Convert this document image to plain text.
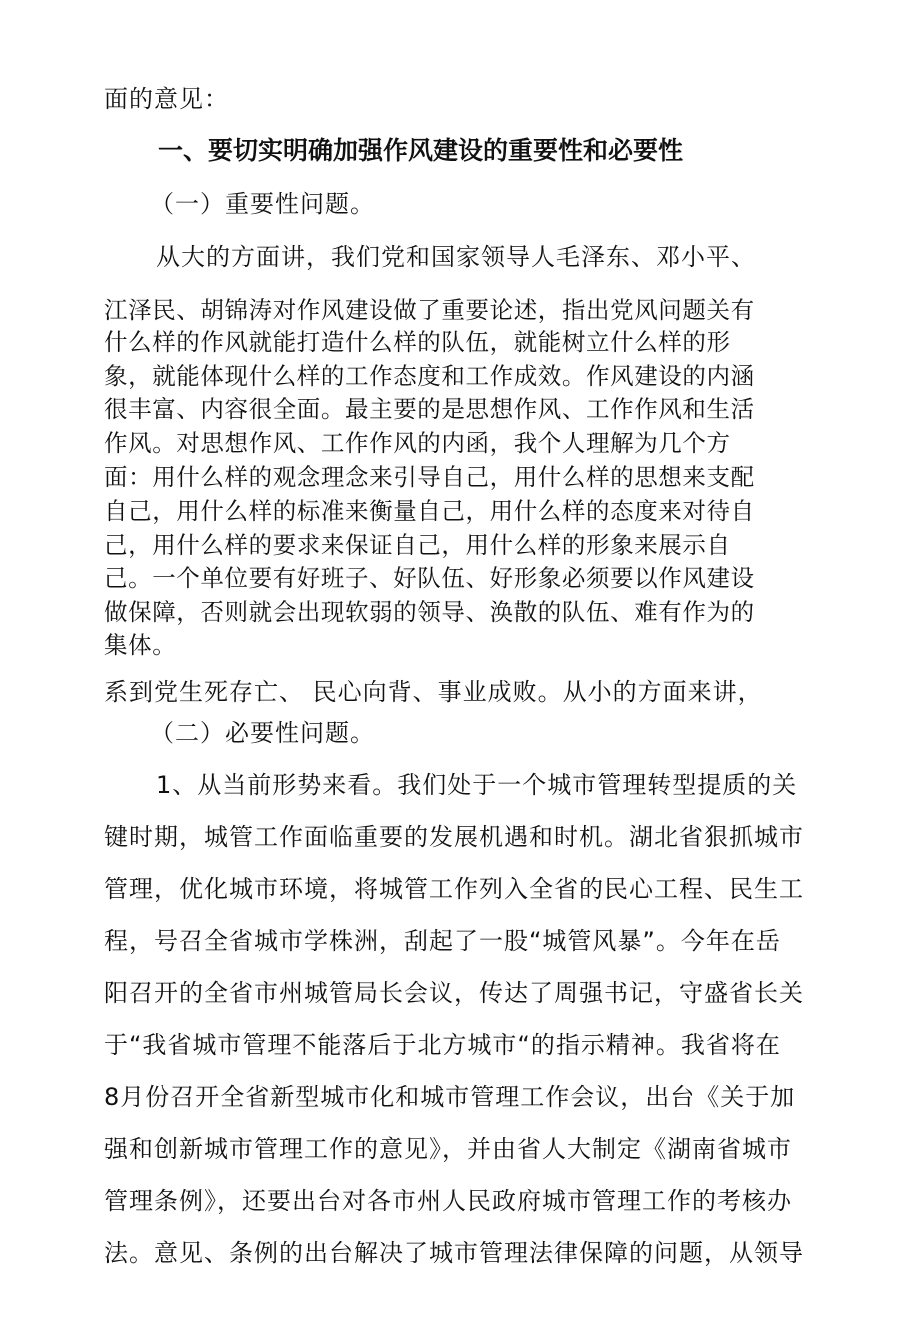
面的意见：
一、要切实明确加强作风建设的重要性和必要性
（一）重要性问题。
从大的方面讲，我们党和国家领导人毛泽东、邓小平、
江泽民、胡锦涛对作风建设做了重要论述，指出党风问题关有
什么样的作风就能打造什么样的队伍，就能树立什么样的形
象，就能体现什么样的工作态度和工作成效。作风建设的内涵
很丰富、内容很全面。最主要的是思想作风、工作作风和生活
作风。对思想作风、工作作风的内函，我个人理解为几个方
面：用什么样的观念理念来引导自己，用什么样的思想来支配
自己，用什么样的标准来衡量自己，用什么样的态度来对待自
己，用什么样的要求来保证自己，用什么样的形象来展示自
己。一个单位要有好班子、好队伍、好形象必须要以作风建设
做保障，否则就会出现软弱的领导、涣散的队伍、难有作为的
集体。
系到党生死存亡、 民心向背、事业成败。从小的方面来讲，
（二）必要性问题。
1、从当前形势来看。我们处于一个城市管理转型提质的关
键时期，城管工作面临重要的发展机遇和时机。湖北省狠抓城市
管理，优化城市环境，将城管工作列入全省的民心工程、民生工
程，号召全省城市学株洲，刮起了一股“城管风暴”。今年在岳
阳召开的全省市州城管局长会议，传达了周强书记，守盛省长关
于“我省城市管理不能落后于北方城市“的指示精神。我省将在
8月份召开全省新型城市化和城市管理工作会议，出台《关于加
强和创新城市管理工作的意见》，并由省人大制定《湖南省城市
管理条例》，还要出台对各市州人民政府城市管理工作的考核办
法。意见、条例的出台解决了城市管理法律保障的问题，从领导
